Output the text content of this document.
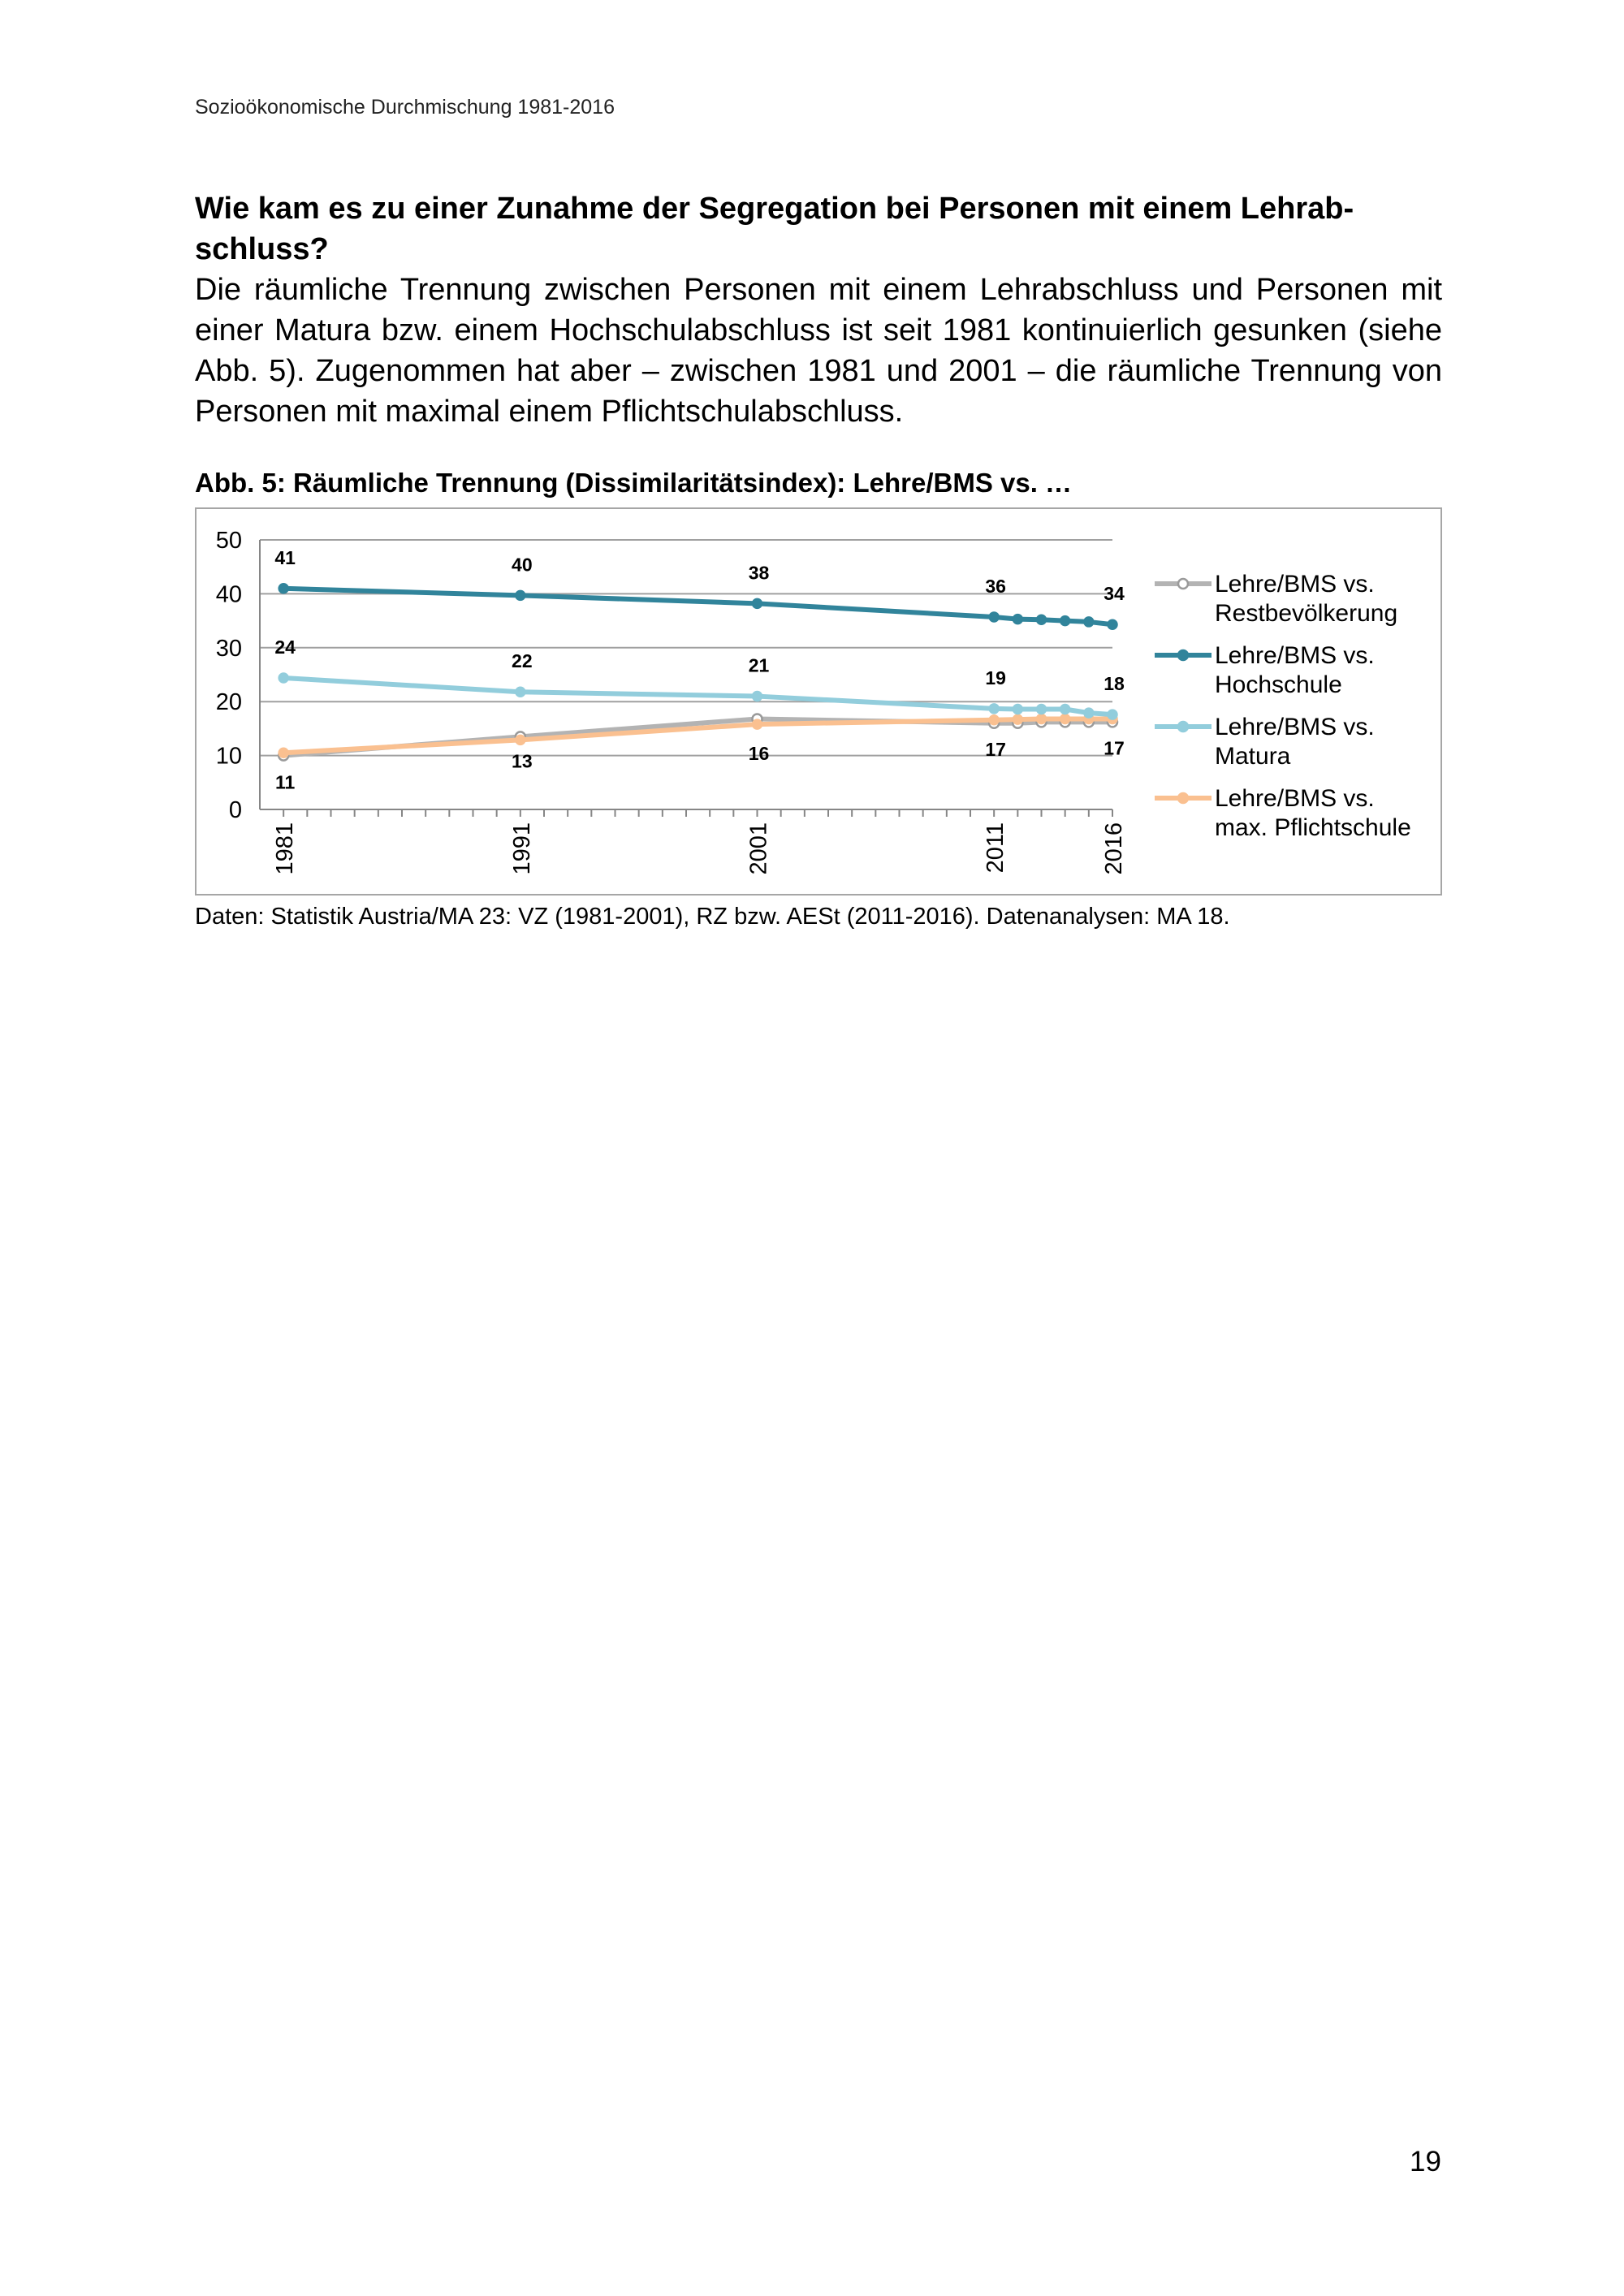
Sozioökonomische Durchmischung 1981-2016
Wie kam es zu einer Zunahme der Segregation bei Personen mit einem Lehrab-schluss?

Die räumliche Trennung zwischen Personen mit einem Lehrabschluss und Personen mit einer Matura bzw. einem Hochschulabschluss ist seit 1981 kontinuierlich gesunken (siehe Abb. 5). Zugenommen hat aber – zwischen 1981 und 2001 – die räumliche Trennung von Personen mit maximal einem Pflichtschulabschluss.

Abb. 5: Räumliche Trennung (Dissimilaritätsindex): Lehre/BMS vs. …
0
10
20
30
40
50
1981	1991	2001	2011	2016
41	40	38
36	34
24
22	21
19	18
11
13	16	17	17
Lehre/BMS vs.
Restbevölkerung
Lehre/BMS vs.
Hochschule
Lehre/BMS vs.
Matura
Lehre/BMS vs.
max. Pflichtschule
Daten: Statistik Austria/MA 23: VZ (1981-2001), RZ bzw. AESt (2011-2016). Datenanalysen: MA 18.
19
